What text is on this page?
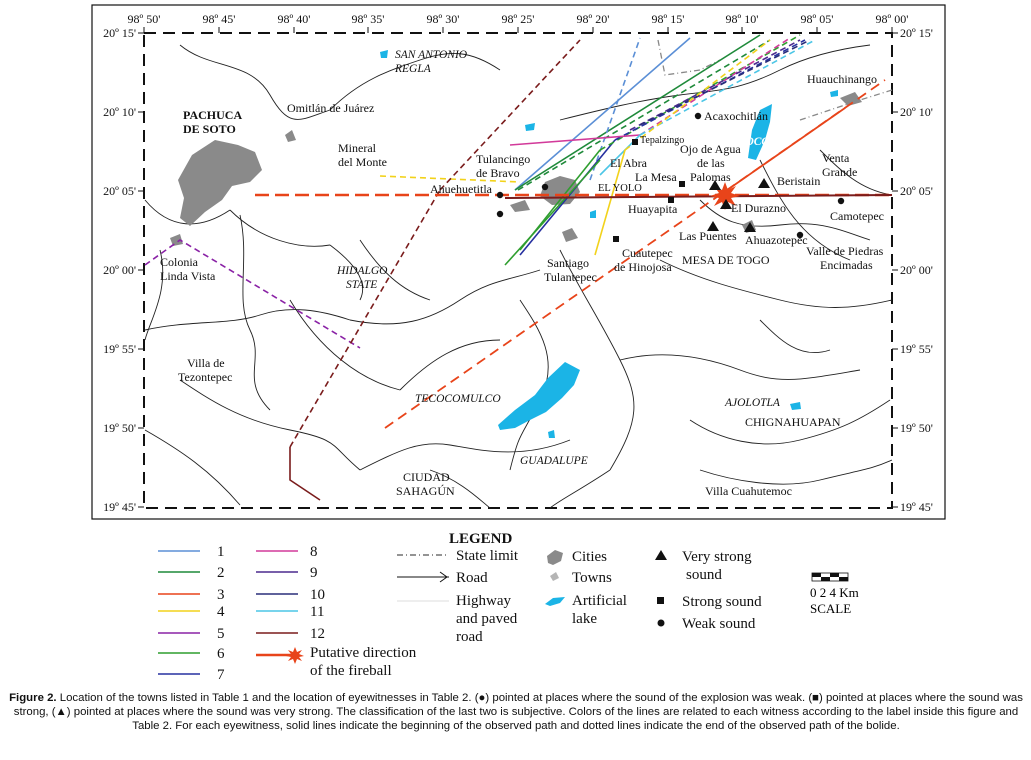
98º 50'	98º 45'	98º 40'	98º 35'	98º 30'	98º 25'	98º 20'	98º 15'	98º 10'	98º 05'	98º 00'
20º 15'
20º 10'
20º 05'
20º 00'
19º 55'
19º 50'
19º 45'
20º 15'
20º 10'
20º 05'
20º 00'
19º 55'
19º 50'
19º 45'
PACHUCA
DE SOTO
Omitlán de Juárez
Mineral
del Monte
SAN ANTONIO
REGLA
Tulancingo
de Bravo
Ahuehuetitla	EL YOLO
El Abra
Tepalzingo
Acaxochitlán
Ojo de Agua
de las
Palomas
La Mesa
Huayapita	El Durazno
Beristain
Huauchinango
OMILTEME
TEJOCOTAL
PUEBLA
STATE
Venta
Grande
Camotepec
Valle de Piedras
Encimadas
Las Puentes Ahuazotepec
MESA DE TOGO
Cuautepec
de Hinojosa
Santiago
Tulantepec
Colonia
Linda Vista	HIDALGO
STATE
Villa de
Tezontepec
TECOCOMULCO
GUADALUPE
AJOLOTLA
CHIGNAHUAPAN
CIUDAD
SAHAGÚN	Villa Cuahutemoc
LEGEND
1
2
3
4
5
6
7
8
9
10
11
12
Putative direction
of the fireball
State limit
Road
Highway
and paved
road
Cities
Towns
Artificial
lake
Very strong
sound
Strong sound
Weak sound
0 2 4 Km
SCALE
Figure 2. Location of the towns listed in Table 1 and the location of eyewitnesses in Table 2. (●) pointed at places where the sound of the explosion was weak. (■) pointed at places where the sound was strong, (▲) pointed at places where the sound was very strong. The classification of the last two is subjective. Colors of the lines are related to each witness according to the label inside this figure and Table 2. For each eyewitness, solid lines indicate the beginning of the observed path and dotted lines indicate the end of the observed path of the bolide.
